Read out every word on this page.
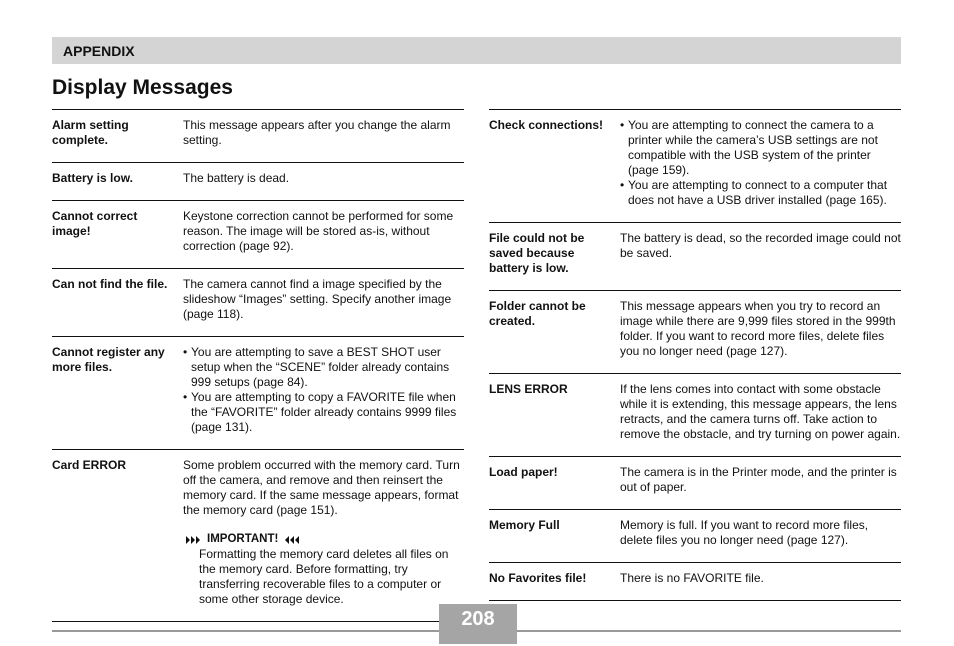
APPENDIX
Display Messages
Alarm setting complete.
This message appears after you change the alarm setting.
Battery is low.	The battery is dead.
Cannot correct image!
Keystone correction cannot be performed for some reason. The image will be stored as-is, without correction (page 92).
Can not find the file.	The camera cannot find a image specified by the slideshow “Images” setting. Specify another image (page 118).
Cannot register any more files.
• You are attempting to save a BEST SHOT user setup when the “SCENE” folder already contains 999 setups (page 84).
• You are attempting to copy a FAVORITE file when the “FAVORITE” folder already contains 9999 files (page 131).
Card ERROR	Some problem occurred with the memory card. Turn off the camera, and remove and then reinsert the memory card. If the same message appears, format the memory card (page 151).
IMPORTANT!
Formatting the memory card deletes all files on the memory card. Before formatting, try transferring recoverable files to a computer or some other storage device.
Check connections!
•	You are attempting to connect the camera to a printer while the camera’s USB settings are not compatible with the USB system of the printer (page 159).
• You are attempting to connect to a computer that does not have a USB driver installed (page 165).
File could not be saved because battery is low.
The battery is dead, so the recorded image could not be saved.
Folder cannot be created.
This message appears when you try to record an image while there are 9,999 files stored in the 999th folder. If you want to record more files, delete files you no longer need (page 127).
LENS ERROR	If the lens comes into contact with some obstacle while it is extending, this message appears, the lens retracts, and the camera turns off. Take action to remove the obstacle, and try turning on power again.
Load paper!	The camera is in the Printer mode, and the printer is out of paper.
Memory Full	Memory is full. If you want to record more files, delete files you no longer need (page 127).
No Favorites file!	There is no FAVORITE file.
208
